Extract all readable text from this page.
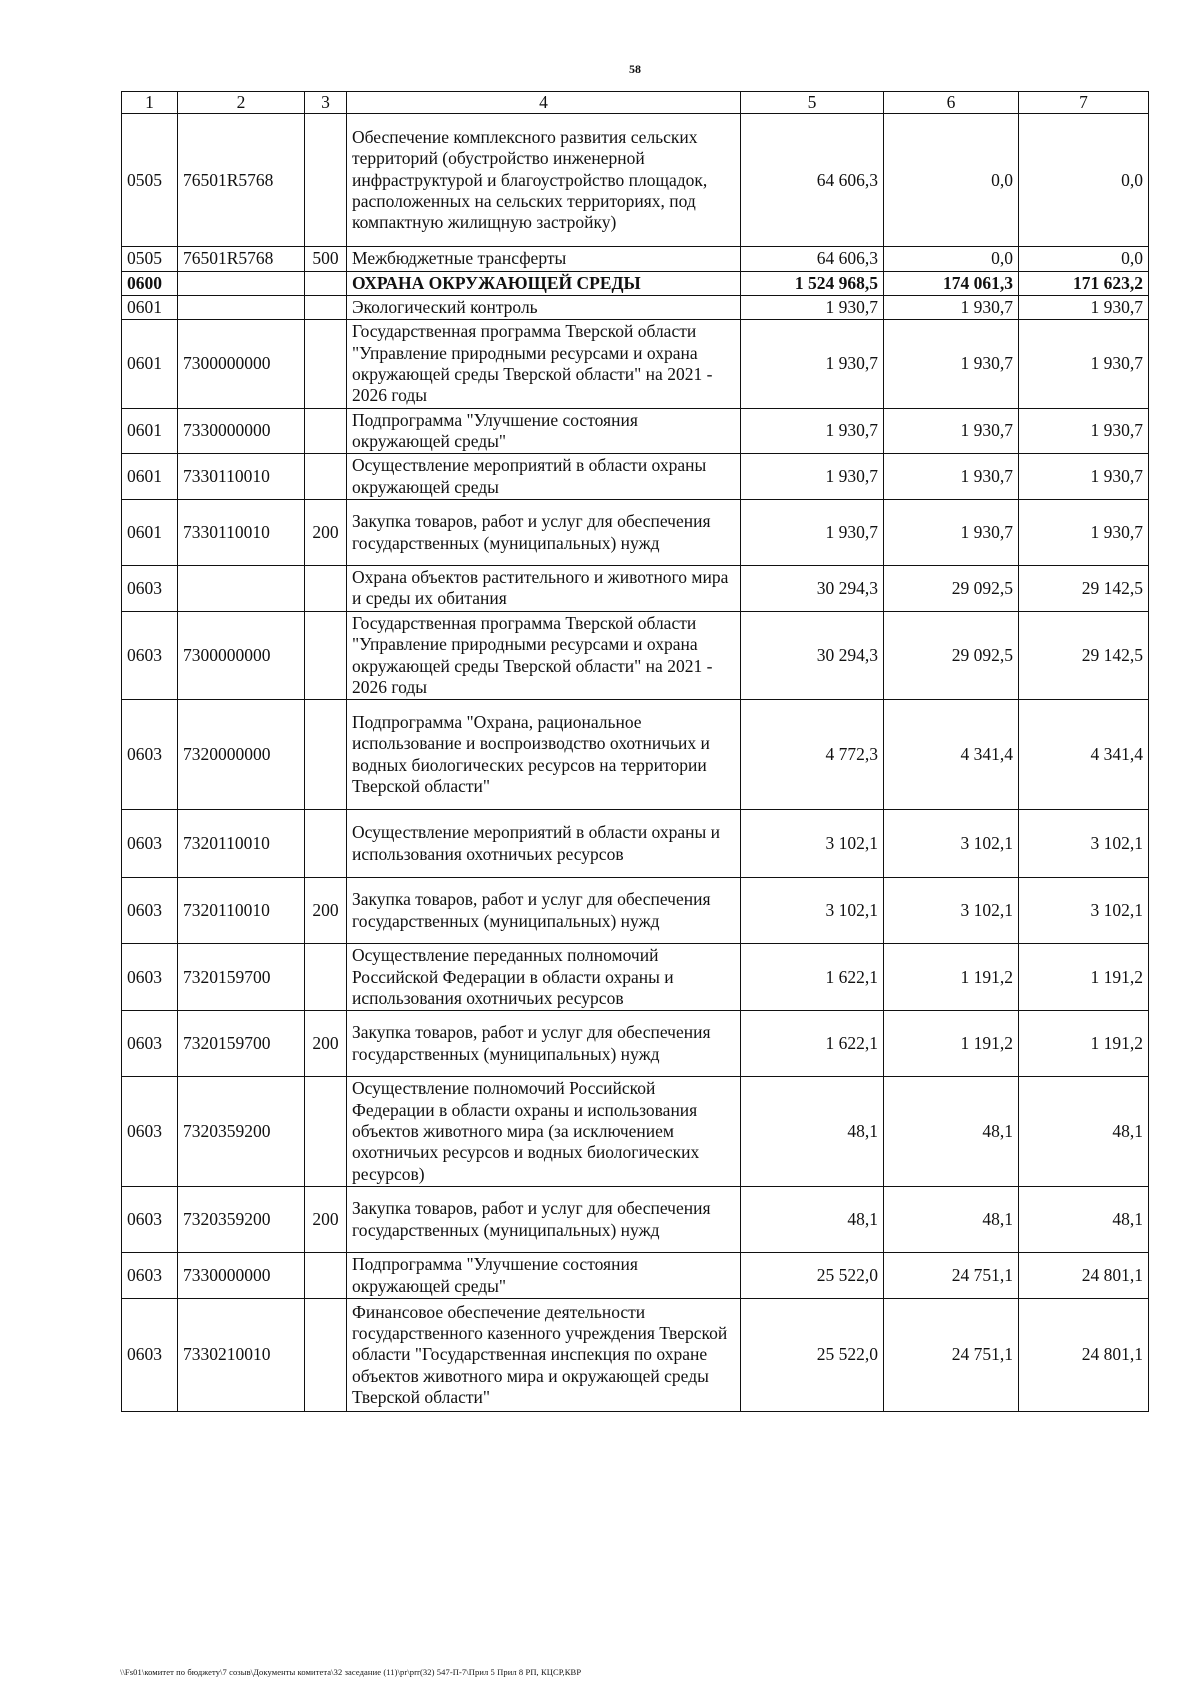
58
1	2	3	4	5	6	7
0505	76501R5768		Обеспечение комплексного развития сельских территорий (обустройство инженерной инфраструктурой и благоустройство площадок, расположенных на сельских территориях, под компактную жилищную застройку)	64 606,3	0,0	0,0
0505	76501R5768	500	Межбюджетные трансферты	64 606,3	0,0	0,0
0600			ОХРАНА ОКРУЖАЮЩЕЙ СРЕДЫ	1 524 968,5	174 061,3	171 623,2
0601			Экологический контроль	1 930,7	1 930,7	1 930,7
0601	7300000000		Государственная программа Тверской области "Управление природными ресурсами и охрана окружающей среды Тверской области" на 2021 - 2026 годы	1 930,7	1 930,7	1 930,7
0601	7330000000		Подпрограмма "Улучшение состояния окружающей среды"	1 930,7	1 930,7	1 930,7
0601	7330110010		Осуществление мероприятий в области охраны окружающей среды	1 930,7	1 930,7	1 930,7
0601	7330110010	200	Закупка товаров, работ и услуг для обеспечения государственных (муниципальных) нужд	1 930,7	1 930,7	1 930,7
0603			Охрана объектов растительного и животного мира и среды их обитания	30 294,3	29 092,5	29 142,5
0603	7300000000		Государственная программа Тверской области "Управление природными ресурсами и охрана окружающей среды Тверской области" на 2021 - 2026 годы	30 294,3	29 092,5	29 142,5
0603	7320000000		Подпрограмма "Охрана, рациональное использование и воспроизводство охотничьих и водных биологических ресурсов на территории Тверской области"	4 772,3	4 341,4	4 341,4
0603	7320110010		Осуществление мероприятий в области охраны и использования охотничьих ресурсов	3 102,1	3 102,1	3 102,1
0603	7320110010	200	Закупка товаров, работ и услуг для обеспечения государственных (муниципальных) нужд	3 102,1	3 102,1	3 102,1
0603	7320159700		Осуществление переданных полномочий Российской Федерации в области охраны и использования охотничьих ресурсов	1 622,1	1 191,2	1 191,2
0603	7320159700	200	Закупка товаров, работ и услуг для обеспечения государственных (муниципальных) нужд	1 622,1	1 191,2	1 191,2
0603	7320359200		Осуществление полномочий Российской Федерации в области охраны и использования объектов животного мира (за исключением охотничьих ресурсов и водных биологических ресурсов)	48,1	48,1	48,1
0603	7320359200	200	Закупка товаров, работ и услуг для обеспечения государственных (муниципальных) нужд	48,1	48,1	48,1
0603	7330000000		Подпрограмма "Улучшение состояния окружающей среды"	25 522,0	24 751,1	24 801,1
0603	7330210010		Финансовое обеспечение деятельности государственного казенного учреждения Тверской области "Государственная инспекция по охране объектов животного мира и окружающей среды Тверской области"	25 522,0	24 751,1	24 801,1
\\Fs01\комитет по бюджету\7 созыв\Документы комитета\32 заседание (11)\pr\prr(32) 547-П-7\Прил 5 Прил 8 РП, КЦСР,КВР
